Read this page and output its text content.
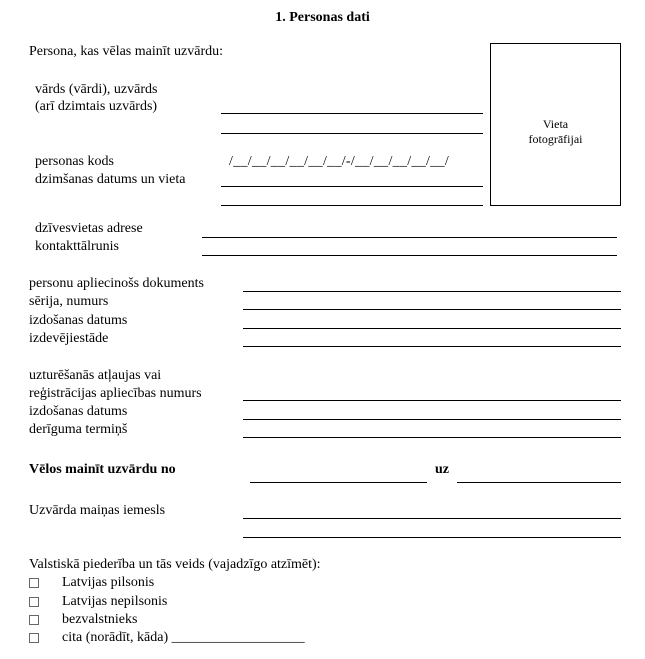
1. Personas dati
Persona, kas vēlas mainīt uzvārdu:
Vieta
fotogrāfijai
vārds (vārdi), uzvārds
(arī dzimtais uzvārds)
personas kods	/__/__/__/__/__/__/-/__/__/__/__/__/
dzimšanas datums un vieta
dzīvesvietas adrese
kontakttālrunis
personu apliecinošs dokuments
sērija, numurs
izdošanas datums
izdevējiestāde
uzturēšanās atļaujas vai
reģistrācijas apliecības numurs
izdošanas datums
derīguma termiņš
Vēlos mainīt uzvārdu no	uz
Uzvārda maiņas iemesls
Valstiskā piederība un tās veids (vajadzīgo atzīmēt):
Latvijas pilsonis
Latvijas nepilsonis
bezvalstnieks
cita (norādīt, kāda) ___________________
